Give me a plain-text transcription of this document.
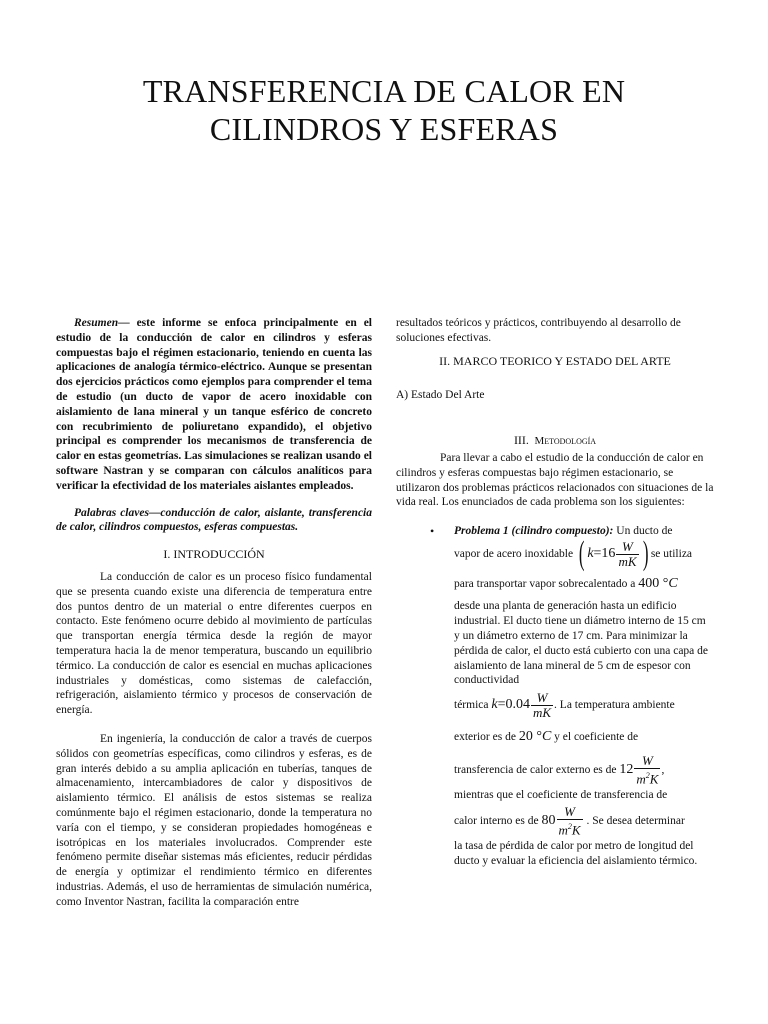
TRANSFERENCIA DE CALOR EN CILINDROS Y ESFERAS

Resumen— este informe se enfoca principalmente en el estudio de la conducción de calor en cilindros y esferas compuestas bajo el régimen estacionario, teniendo en cuenta las aplicaciones de analogía térmico-eléctrico. Aunque se presentan dos ejercicios prácticos como ejemplos para comprender el tema de estudio (un ducto de vapor de acero inoxidable con aislamiento de lana mineral y un tanque esférico de concreto con recubrimiento de poliuretano expandido), el objetivo principal es comprender los mecanismos de transferencia de calor en estas geometrías. Las simulaciones se realizan usando el software Nastran y se comparan con cálculos analíticos para verificar la efectividad de los materiales aislantes empleados.

Palabras claves—conducción de calor, aislante, transferencia de calor, cilindros compuestos, esferas compuestas.

I. INTRODUCCIÓN

La conducción de calor es un proceso físico fundamental que se presenta cuando existe una diferencia de temperatura entre dos puntos dentro de un material o entre diferentes cuerpos en contacto. Este fenómeno ocurre debido al movimiento de partículas que transportan energía térmica desde la región de mayor temperatura hacia la de menor temperatura, buscando un equilibrio térmico. La conducción de calor es esencial en muchas aplicaciones industriales y domésticas, como sistemas de calefacción, refrigeración, aislamiento térmico y procesos de conservación de energía.

En ingeniería, la conducción de calor a través de cuerpos sólidos con geometrías específicas, como cilindros y esferas, es de gran interés debido a su amplia aplicación en tuberías, tanques de almacenamiento, intercambiadores de calor y dispositivos de aislamiento térmico. El análisis de estos sistemas se realiza comúnmente bajo el régimen estacionario, donde la temperatura no varía con el tiempo, y se consideran propiedades homogéneas e isotrópicas en los materiales involucrados. Comprender este fenómeno permite diseñar sistemas más eficientes, reducir pérdidas de energía y optimizar el rendimiento térmico en diferentes industrias. Además, el uso de herramientas de simulación numérica, como Inventor Nastran, facilita la comparación entre

resultados teóricos y prácticos, contribuyendo al desarrollo de soluciones efectivas.

II. MARCO TEORICO Y ESTADO DEL ARTE

A) Estado Del Arte

III. Metodología

Para llevar a cabo el estudio de la conducción de calor en cilindros y esferas compuestas bajo régimen estacionario, se utilizaron dos problemas prácticos relacionados con situaciones de la vida real. Los enunciados de cada problema son los siguientes:

• Problema 1 (cilindro compuesto): Un ducto de
vapor de acero inoxidable ( $k=16 \frac{W}{mK}$ ) se utiliza
para transportar vapor sobrecalentado a 400 °C
desde una planta de generación hasta un edificio industrial. El ducto tiene un diámetro interno de 15 cm y un diámetro externo de 17 cm. Para minimizar la pérdida de calor, el ducto está cubierto con una capa de aislamiento de lana mineral de 5 cm de espesor con conductividad
térmica $k=0.04 \frac{W}{mK}$ . La temperatura ambiente
exterior es de 20 °C y el coeficiente de
transferencia de calor externo es de $12 \frac{W}{m^2K}$ ,
mientras que el coeficiente de transferencia de
calor interno es de $80 \frac{W}{m^2K}$ . Se desea determinar
la tasa de pérdida de calor por metro de longitud del ducto y evaluar la eficiencia del aislamiento térmico.
